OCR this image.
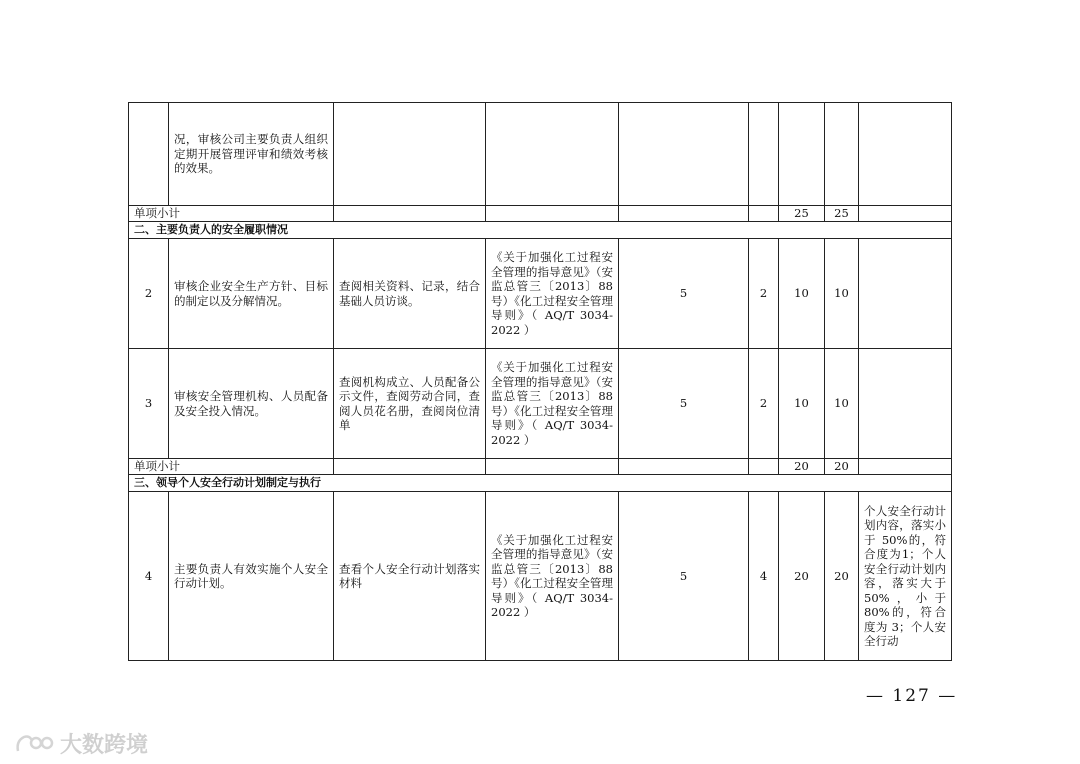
	况，审核公司主要负责人组织定期开展管理评审和绩效考核的效果。							
单项小计						25	25	
二、主要负责人的安全履职情况								
2	审核企业安全生产方针、目标的制定以及分解情况。	查阅相关资料、记录，结合基础人员访谈。	《关于加强化工过程安全管理的指导意见》（安监总管三〔2013〕88 号）《化工过程安全管理导则》（ AQ/T 3034-2022 ）	5	2	10	10	
3	审核安全管理机构、人员配备及安全投入情况。	查阅机构成立、人员配备公示文件，查阅劳动合同，查阅人员花名册，查阅岗位清单	《关于加强化工过程安全管理的指导意见》（安监总管三〔2013〕88 号）《化工过程安全管理导则》（ AQ/T 3034-2022 ）	5	2	10	10	
单项小计						20	20	
三、领导个人安全行动计划制定与执行								
4	主要负责人有效实施个人安全行动计划。	查看个人安全行动计划落实材料	《关于加强化工过程安全管理的指导意见》（安监总管三〔2013〕88 号）《化工过程安全管理导则》（ AQ/T 3034-2022 ）	5	4	20	20	个人安全行动计划内容，落实小于 50%的，符合度为1；个人安全行动计划内容，落实大于 50%，小于 80%的，符合度为 3；个人安全行动
— 127 —
大数跨境
